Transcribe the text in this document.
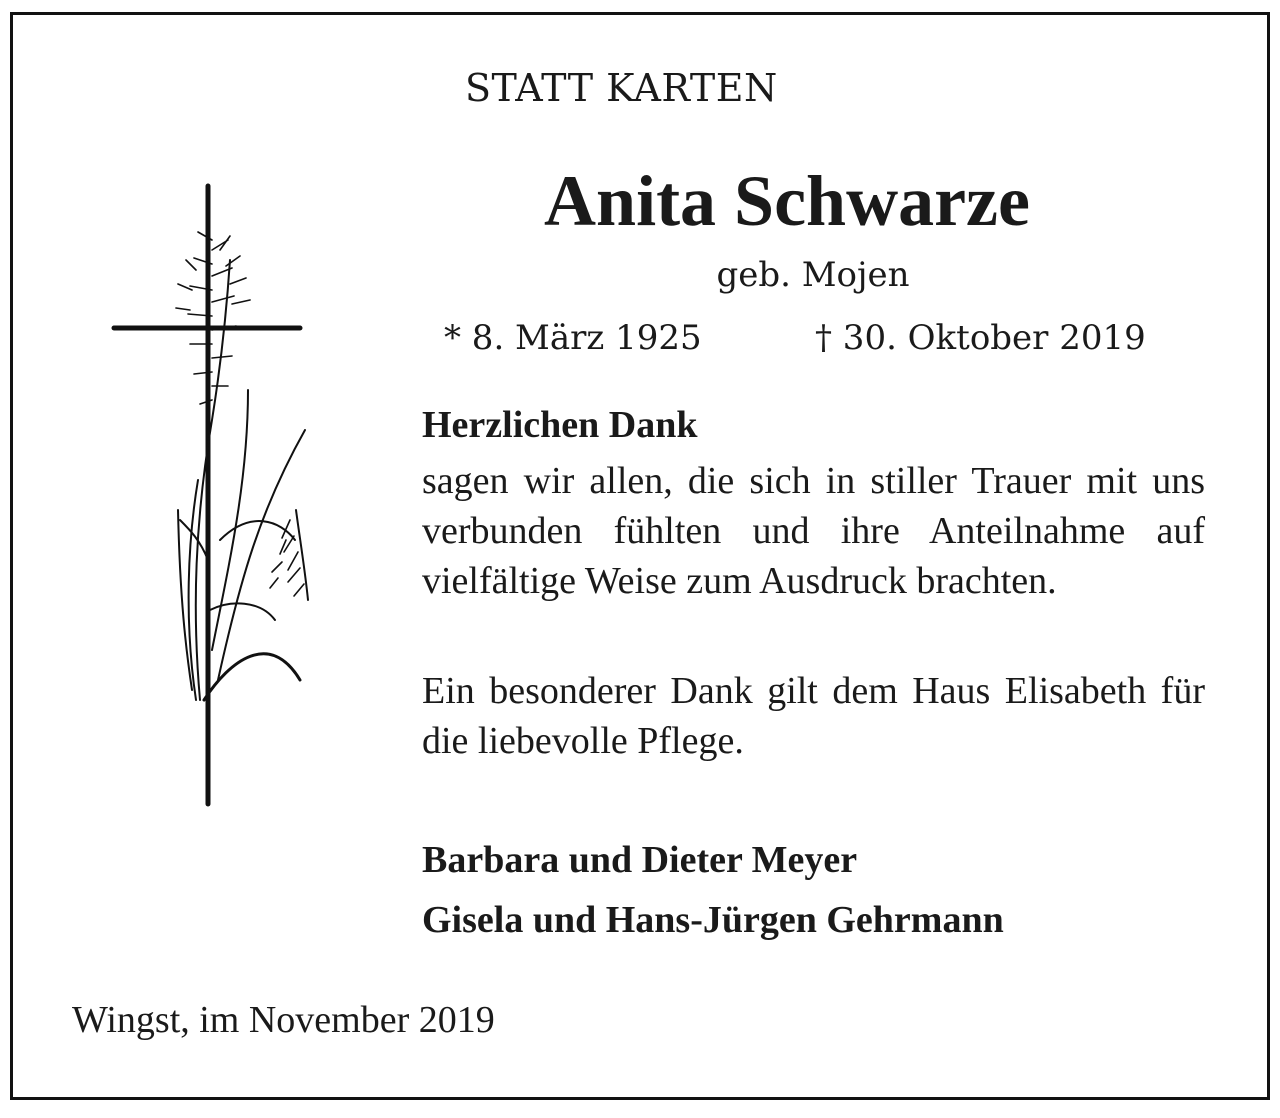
STATT KARTEN
Anita Schwarze
geb. Mojen
* 8. März 1925	† 30. Oktober 2019
Herzlichen Dank
sagen wir allen, die sich in stiller Trauer mit uns verbunden fühlten und ihre Anteilnahme auf vielfältige Weise zum Ausdruck brachten.
Ein besonderer Dank gilt dem Haus Elisabeth für die liebevolle Pflege.
Barbara und Dieter Meyer
Gisela und Hans-Jürgen Gehrmann
Wingst, im November 2019
